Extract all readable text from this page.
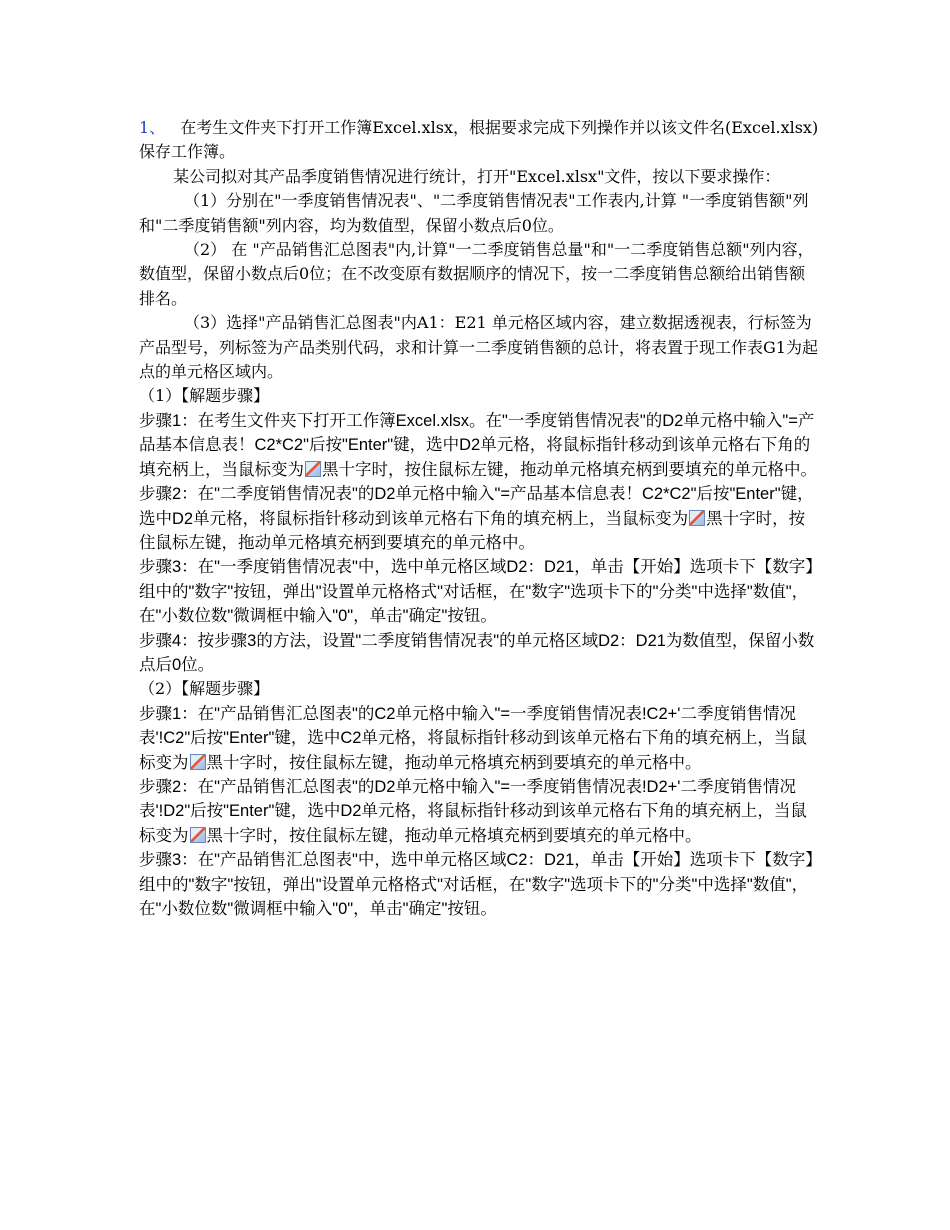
1、 在考生文件夹下打开工作簿Excel.xlsx，根据要求完成下列操作并以该文件名(Excel.xlsx)保存工作簿。

某公司拟对其产品季度销售情况进行统计，打开"Excel.xlsx"文件，按以下要求操作：

（1）分别在"一季度销售情况表"、"二季度销售情况表"工作表内,计算 "一季度销售额"列和"二季度销售额"列内容，均为数值型，保留小数点后0位。

（2） 在 "产品销售汇总图表"内,计算"一二季度销售总量"和"一二季度销售总额"列内容，数值型，保留小数点后0位；在不改变原有数据顺序的情况下，按一二季度销售总额给出销售额排名。

（3）选择"产品销售汇总图表"内A1：E21 单元格区域内容，建立数据透视表，行标签为产品型号，列标签为产品类别代码，求和计算一二季度销售额的总计，将表置于现工作表G1为起点的单元格区域内。

（1）【解题步骤】

步骤1：在考生文件夹下打开工作簿Excel.xlsx。在"一季度销售情况表"的D2单元格中输入"=产品基本信息表！C2*C2"后按"Enter"键，选中D2单元格，将鼠标指针移动到该单元格右下角的填充柄上，当鼠标变为 黑十字时，按住鼠标左键，拖动单元格填充柄到要填充的单元格中。

步骤2：在"二季度销售情况表"的D2单元格中输入"=产品基本信息表！C2*C2"后按"Enter"键，选中D2单元格，将鼠标指针移动到该单元格右下角的填充柄上，当鼠标变为 黑十字时，按住鼠标左键，拖动单元格填充柄到要填充的单元格中。

步骤3：在"一季度销售情况表"中，选中单元格区域D2：D21，单击【开始】选项卡下【数字】组中的"数字"按钮，弹出"设置单元格格式"对话框，在"数字"选项卡下的"分类"中选择"数值"，在"小数位数"微调框中输入"0"，单击"确定"按钮。

步骤4：按步骤3的方法，设置"二季度销售情况表"的单元格区域D2：D21为数值型，保留小数点后0位。

（2）【解题步骤】

步骤1：在"产品销售汇总图表"的C2单元格中输入"=一季度销售情况表!C2+'二季度销售情况表'!C2"后按"Enter"键，选中C2单元格，将鼠标指针移动到该单元格右下角的填充柄上，当鼠标变为 黑十字时，按住鼠标左键，拖动单元格填充柄到要填充的单元格中。

步骤2：在"产品销售汇总图表"的D2单元格中输入"=一季度销售情况表!D2+'二季度销售情况表'!D2"后按"Enter"键，选中D2单元格，将鼠标指针移动到该单元格右下角的填充柄上，当鼠标变为 黑十字时，按住鼠标左键，拖动单元格填充柄到要填充的单元格中。

步骤3：在"产品销售汇总图表"中，选中单元格区域C2：D21，单击【开始】选项卡下【数字】组中的"数字"按钮，弹出"设置单元格格式"对话框，在"数字"选项卡下的"分类"中选择"数值"，在"小数位数"微调框中输入"0"，单击"确定"按钮。
